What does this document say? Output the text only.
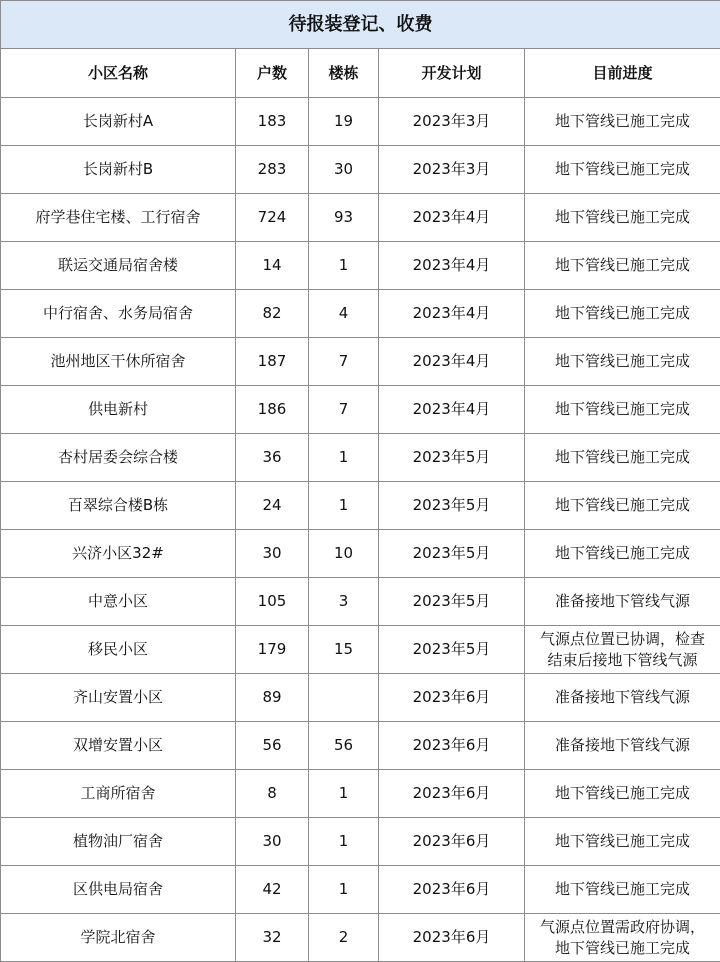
待报装登记、收费				
小区名称	户数	楼栋	开发计划	目前进度
长岗新村A	183	19	2023年3月	地下管线已施工完成

长岗新村B	283	30	2023年3月	地下管线已施工完成

府学巷住宅楼、工行宿舍	724	93	2023年4月	地下管线已施工完成

联运交通局宿舍楼	14	1	2023年4月	地下管线已施工完成

中行宿舍、水务局宿舍	82	4	2023年4月	地下管线已施工完成

池州地区干休所宿舍	187	7	2023年4月	地下管线已施工完成

供电新村	186	7	2023年4月	地下管线已施工完成

杏村居委会综合楼	36	1	2023年5月	地下管线已施工完成

百翠综合楼B栋	24	1	2023年5月	地下管线已施工完成

兴济小区32#	30	10	2023年5月	地下管线已施工完成

中意小区	105	3	2023年5月	准备接地下管线气源

移民小区	179	15	2023年5月	气源点位置已协调，检查
结束后接地下管线气源

齐山安置小区	89		2023年6月	准备接地下管线气源

双增安置小区	56	56	2023年6月	准备接地下管线气源

工商所宿舍	8	1	2023年6月	地下管线已施工完成

植物油厂宿舍	30	1	2023年6月	地下管线已施工完成

区供电局宿舍	42	1	2023年6月	地下管线已施工完成

学院北宿舍	32	2	2023年6月	气源点位置需政府协调，
地下管线已施工完成
